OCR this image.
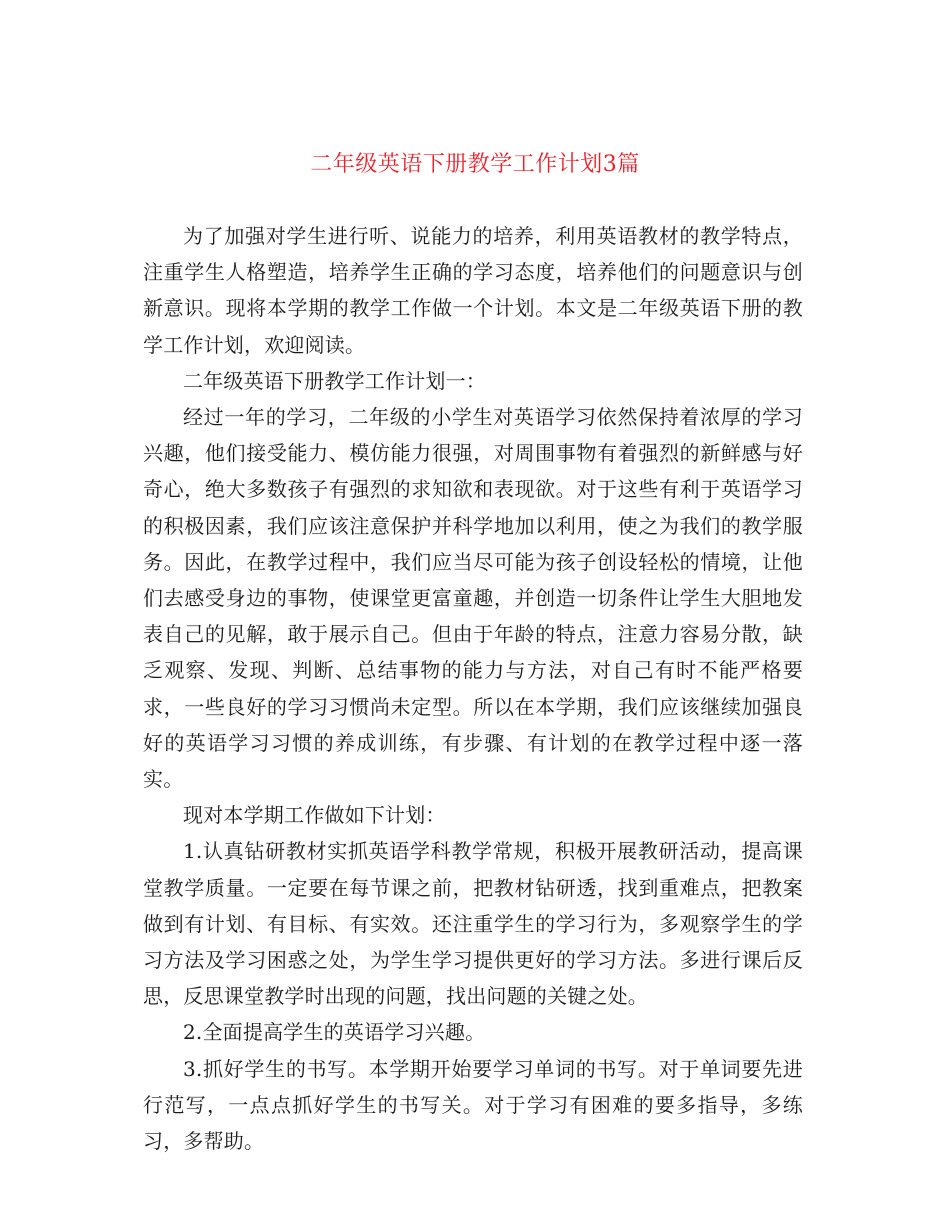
二年级英语下册教学工作计划3篇

为了加强对学生进行听、说能力的培养，利用英语教材的教学特点，注重学生人格塑造，培养学生正确的学习态度，培养他们的问题意识与创新意识。现将本学期的教学工作做一个计划。本文是二年级英语下册的教学工作计划，欢迎阅读。

二年级英语下册教学工作计划一：

经过一年的学习，二年级的小学生对英语学习依然保持着浓厚的学习兴趣，他们接受能力、模仿能力很强，对周围事物有着强烈的新鲜感与好奇心，绝大多数孩子有强烈的求知欲和表现欲。对于这些有利于英语学习的积极因素，我们应该注意保护并科学地加以利用，使之为我们的教学服务。因此，在教学过程中，我们应当尽可能为孩子创设轻松的情境，让他们去感受身边的事物，使课堂更富童趣，并创造一切条件让学生大胆地发表自己的见解，敢于展示自己。但由于年龄的特点，注意力容易分散，缺乏观察、发现、判断、总结事物的能力与方法，对自己有时不能严格要求，一些良好的学习习惯尚未定型。所以在本学期，我们应该继续加强良好的英语学习习惯的养成训练，有步骤、有计划的在教学过程中逐一落实。

现对本学期工作做如下计划：

1.认真钻研教材实抓英语学科教学常规，积极开展教研活动，提高课堂教学质量。一定要在每节课之前，把教材钻研透，找到重难点，把教案做到有计划、有目标、有实效。还注重学生的学习行为，多观察学生的学习方法及学习困惑之处，为学生学习提供更好的学习方法。多进行课后反思，反思课堂教学时出现的问题，找出问题的关键之处。

2.全面提高学生的英语学习兴趣。

3.抓好学生的书写。本学期开始要学习单词的书写。对于单词要先进行范写，一点点抓好学生的书写关。对于学习有困难的要多指导，多练习，多帮助。
